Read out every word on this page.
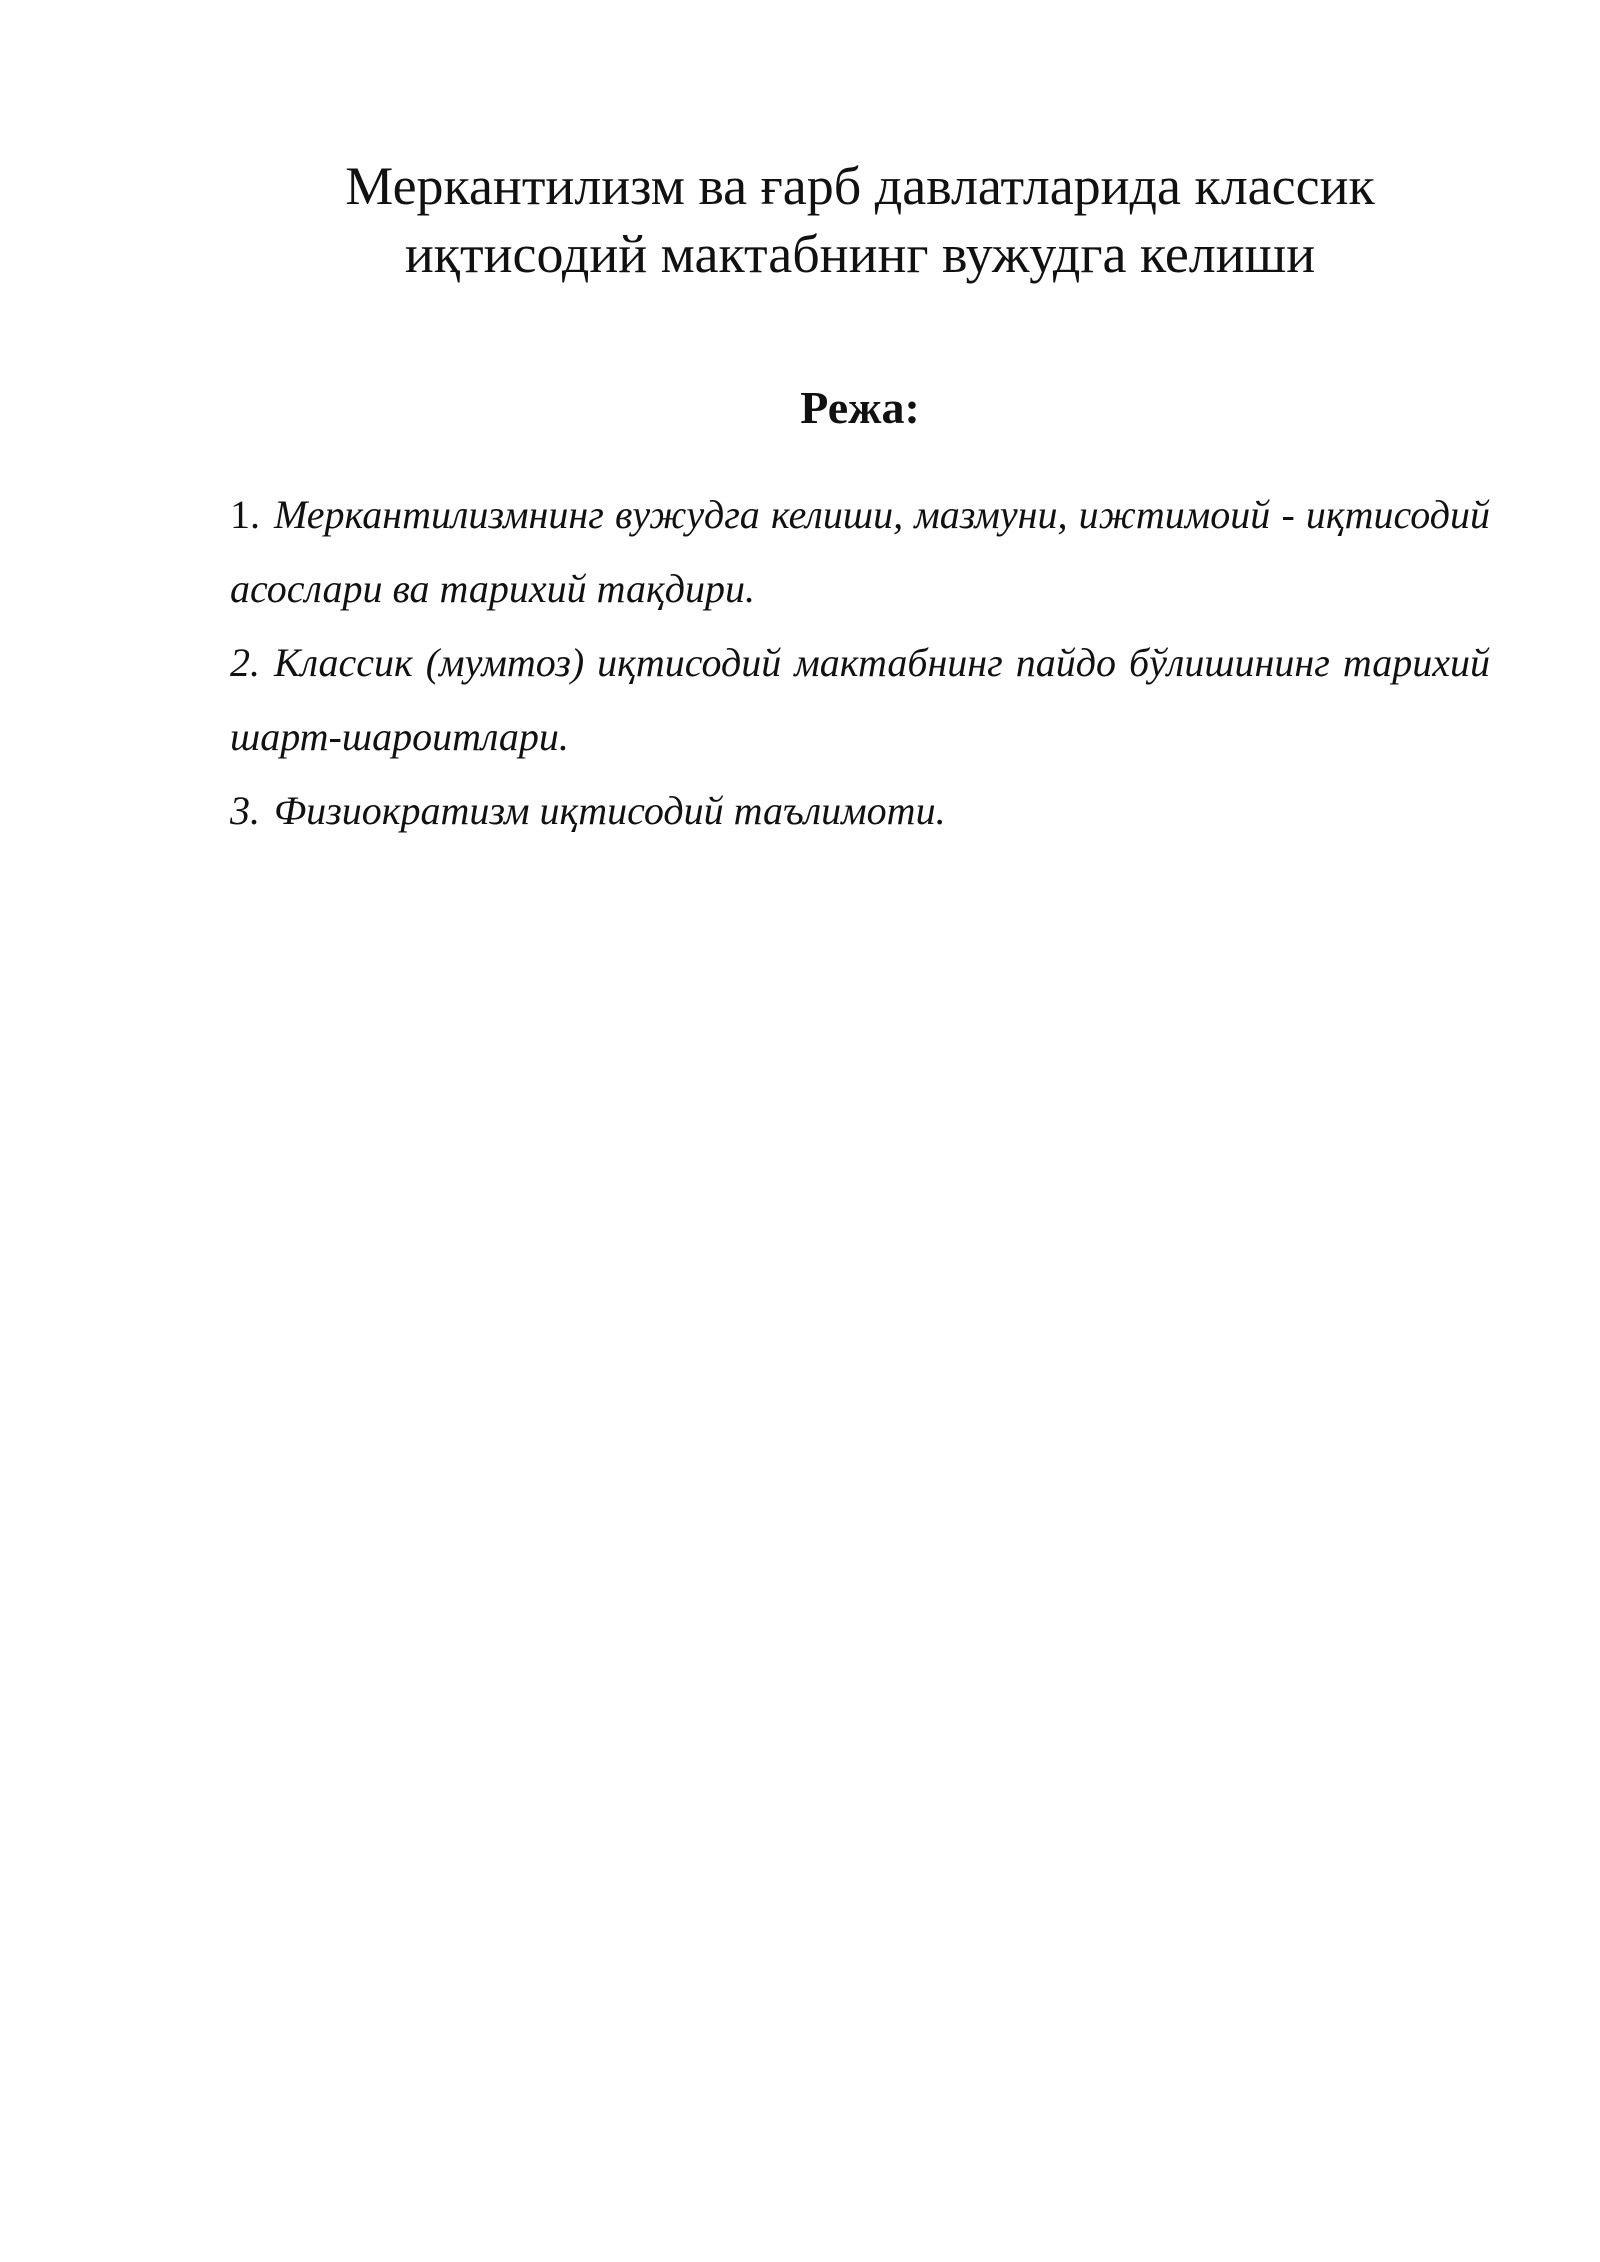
Меркантилизм ва ғарб давлатларида классик
иқтисодий мактабнинг вужудга келиши
Режа:
1. Меркантилизмнинг вужудга келиши, мазмуни, ижтимоий - иқтисодий асослари ва тарихий тақдири.
2. Классик (мумтоз) иқтисодий мактабнинг пайдо бўлишининг тарихий шарт-шароитлари.
3. Физиократизм иқтисодий таълимоти.
